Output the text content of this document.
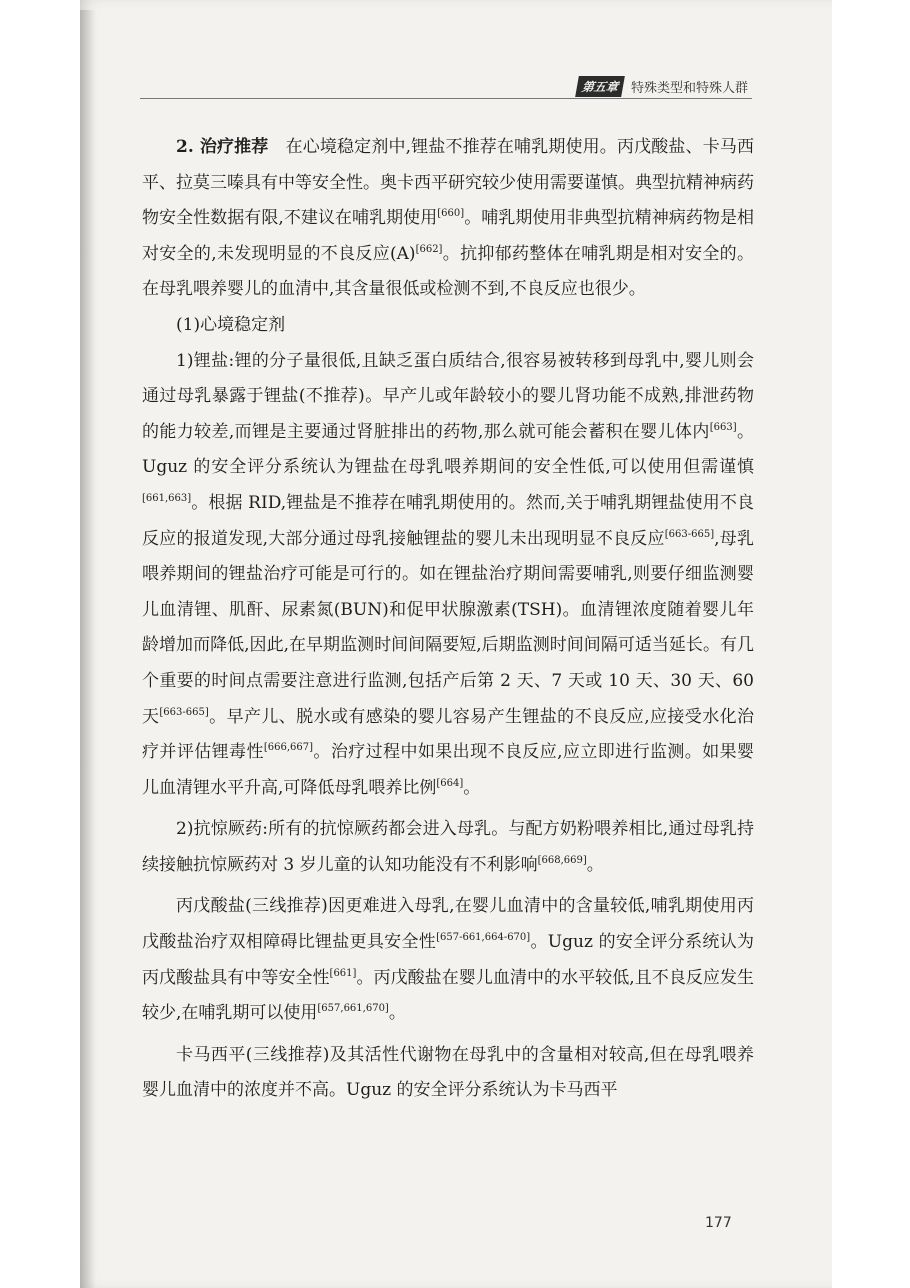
第五章 特殊类型和特殊人群

2. 治疗推荐  在心境稳定剂中,锂盐不推荐在哺乳期使用。丙戊酸盐、卡马西平、拉莫三嗪具有中等安全性。奥卡西平研究较少使用需要谨慎。典型抗精神病药物安全性数据有限,不建议在哺乳期使用[660]。哺乳期使用非典型抗精神病药物是相对安全的,未发现明显的不良反应(A)[662]。抗抑郁药整体在哺乳期是相对安全的。在母乳喂养婴儿的血清中,其含量很低或检测不到,不良反应也很少。

(1)心境稳定剂

1)锂盐:锂的分子量很低,且缺乏蛋白质结合,很容易被转移到母乳中,婴儿则会通过母乳暴露于锂盐(不推荐)。早产儿或年龄较小的婴儿肾功能不成熟,排泄药物的能力较差,而锂是主要通过肾脏排出的药物,那么就可能会蓄积在婴儿体内[663]。Uguz 的安全评分系统认为锂盐在母乳喂养期间的安全性低,可以使用但需谨慎[661,663]。根据 RID,锂盐是不推荐在哺乳期使用的。然而,关于哺乳期锂盐使用不良反应的报道发现,大部分通过母乳接触锂盐的婴儿未出现明显不良反应[663-665],母乳喂养期间的锂盐治疗可能是可行的。如在锂盐治疗期间需要哺乳,则要仔细监测婴儿血清锂、肌酐、尿素氮(BUN)和促甲状腺激素(TSH)。血清锂浓度随着婴儿年龄增加而降低,因此,在早期监测时间间隔要短,后期监测时间间隔可适当延长。有几个重要的时间点需要注意进行监测,包括产后第 2 天、7 天或 10 天、30 天、60 天[663-665]。早产儿、脱水或有感染的婴儿容易产生锂盐的不良反应,应接受水化治疗并评估锂毒性[666,667]。治疗过程中如果出现不良反应,应立即进行监测。如果婴儿血清锂水平升高,可降低母乳喂养比例[664]。

2)抗惊厥药:所有的抗惊厥药都会进入母乳。与配方奶粉喂养相比,通过母乳持续接触抗惊厥药对 3 岁儿童的认知功能没有不利影响[668,669]。

丙戊酸盐(三线推荐)因更难进入母乳,在婴儿血清中的含量较低,哺乳期使用丙戊酸盐治疗双相障碍比锂盐更具安全性[657-661,664-670]。Uguz 的安全评分系统认为丙戊酸盐具有中等安全性[661]。丙戊酸盐在婴儿血清中的水平较低,且不良反应发生较少,在哺乳期可以使用[657,661,670]。

卡马西平(三线推荐)及其活性代谢物在母乳中的含量相对较高,但在母乳喂养婴儿血清中的浓度并不高。Uguz 的安全评分系统认为卡马西平

177
